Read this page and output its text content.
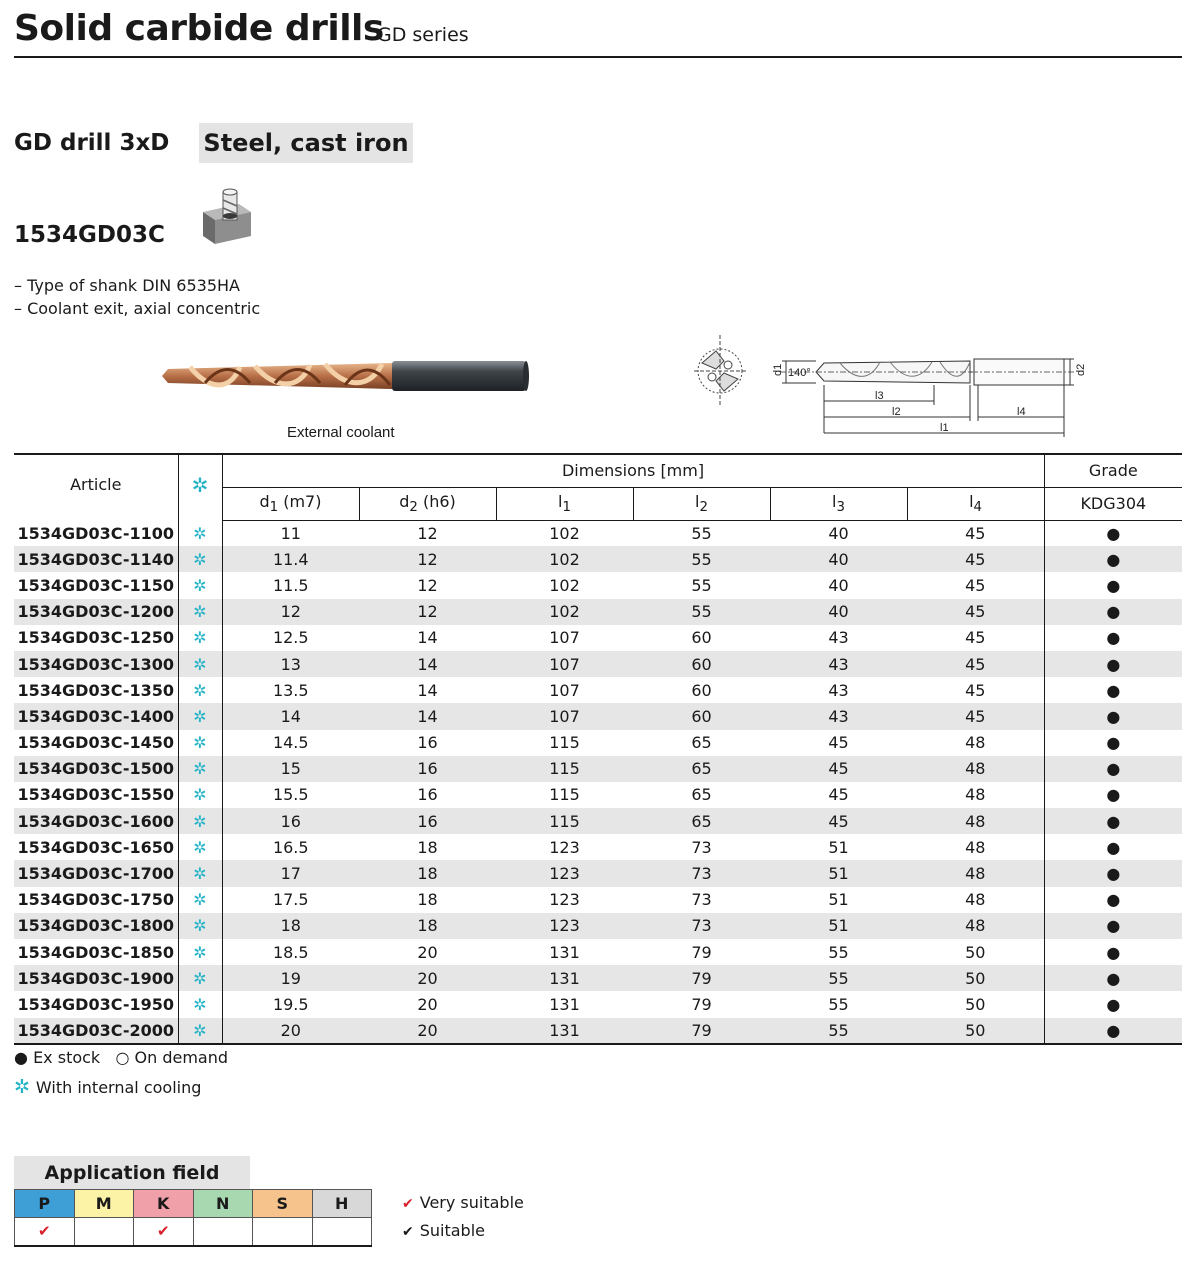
Solid carbide drills
GD series
GD drill 3xD Steel, cast iron
1534GD03C
– Type of shank DIN 6535HA
– Coolant exit, axial concentric
External coolant
140°
d1	d2
l3
l2	l4
l1
Article	✲	Dimensions [mm]						Grade
		$d_1$ (m7)	$d_2$ (h6)	$l_1$	$l_2$	$l_3$	$l_4$	KDG304
1534GD03C-1100	✲	11	12	102	55	40	45	●
1534GD03C-1140	✲	11.4	12	102	55	40	45	●
1534GD03C-1150	✲	11.5	12	102	55	40	45	●
1534GD03C-1200	✲	12	12	102	55	40	45	●
1534GD03C-1250	✲	12.5	14	107	60	43	45	●
1534GD03C-1300	✲	13	14	107	60	43	45	●
1534GD03C-1350	✲	13.5	14	107	60	43	45	●
1534GD03C-1400	✲	14	14	107	60	43	45	●
1534GD03C-1450	✲	14.5	16	115	65	45	48	●
1534GD03C-1500	✲	15	16	115	65	45	48	●
1534GD03C-1550	✲	15.5	16	115	65	45	48	●
1534GD03C-1600	✲	16	16	115	65	45	48	●
1534GD03C-1650	✲	16.5	18	123	73	51	48	●
1534GD03C-1700	✲	17	18	123	73	51	48	●
1534GD03C-1750	✲	17.5	18	123	73	51	48	●
1534GD03C-1800	✲	18	18	123	73	51	48	●
1534GD03C-1850	✲	18.5	20	131	79	55	50	●
1534GD03C-1900	✲	19	20	131	79	55	50	●
1534GD03C-1950	✲	19.5	20	131	79	55	50	●
1534GD03C-2000	✲	20	20	131	79	55	50	●
● Ex stock ○ On demand
✲ With internal cooling
Application field
P	M	K	N	S	H
✔		✔			
✔ Very suitable
✔ Suitable
